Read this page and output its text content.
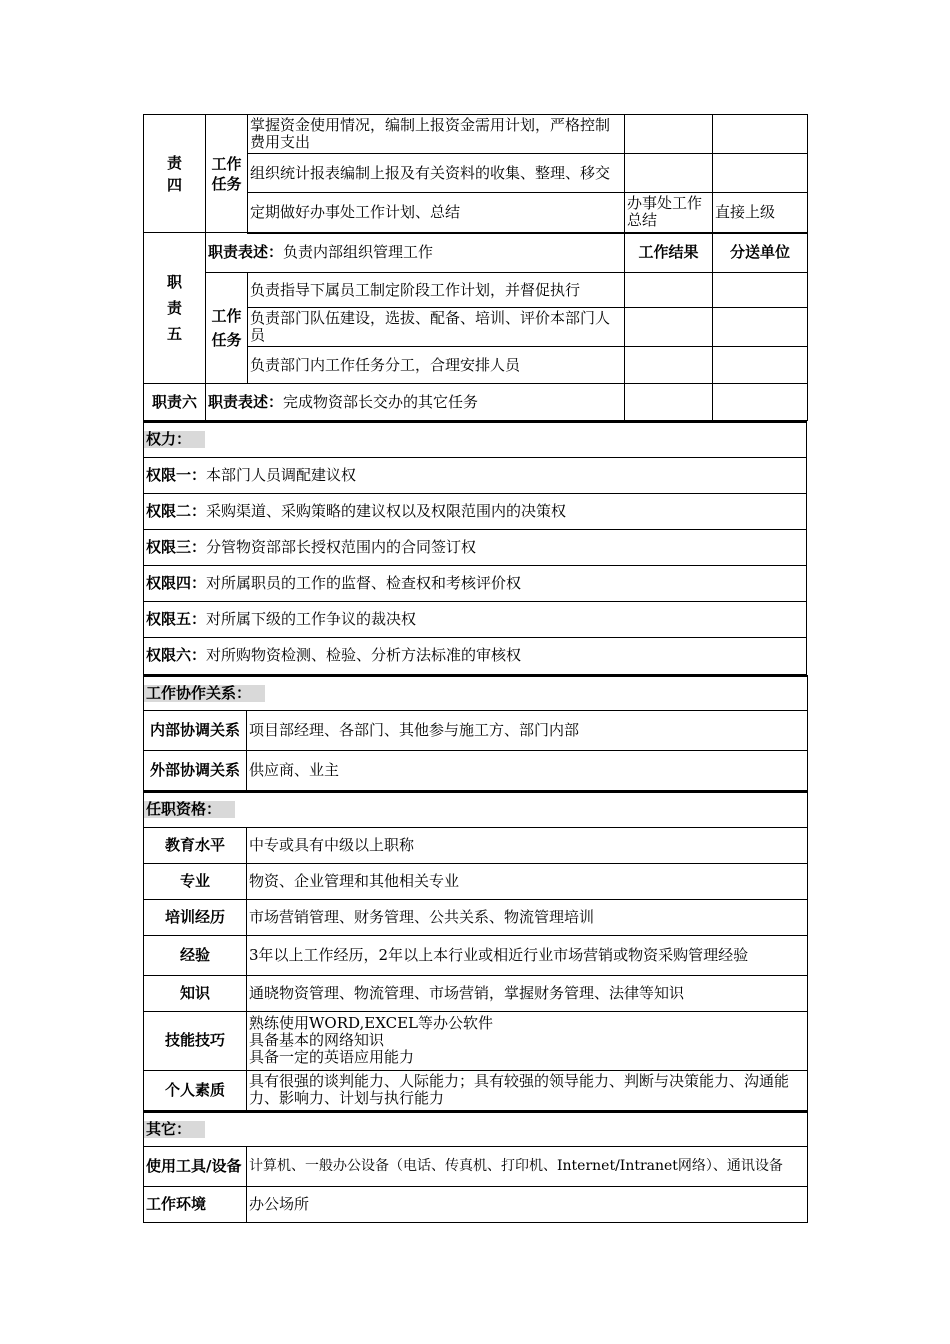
责四	工作任务	掌握资金使用情况，编制上报资金需用计划，严格控制费用支出		
		组织统计报表编制上报及有关资料的收集、整理、移交		
		定期做好办事处工作计划、总结	办事处工作总结	直接上级

职责五	职责表述：负责内部组织管理工作		工作结果	分送单位

	工作任务	负责指导下属员工制定阶段工作计划，并督促执行		
		负责部门队伍建设，选拔、配备、培训、评价本部门人员		
		负责部门内工作任务分工，合理安排人员		
职责六	职责表述：完成物资部长交办的其它任务			
权力：
权限一：本部门人员调配建议权
权限二：采购渠道、采购策略的建议权以及权限范围内的决策权
权限三：分管物资部部长授权范围内的合同签订权
权限四：对所属职员的工作的监督、检查权和考核评价权
权限五：对所属下级的工作争议的裁决权
权限六：对所购物资检测、检验、分析方法标准的审核权
工作协作关系：	
内部协调关系	项目部经理、各部门、其他参与施工方、部门内部
外部协调关系	供应商、业主
任职资格：	
教育水平	中专或具有中级以上职称
专业	物资、企业管理和其他相关专业
培训经历	市场营销管理、财务管理、公共关系、物流管理培训
经验	3年以上工作经历，2年以上本行业或相近行业市场营销或物资采购管理经验
知识	通晓物资管理、物流管理、市场营销，掌握财务管理、法律等知识
技能技巧	熟练使用WORD,EXCEL等办公软件
具备基本的网络知识
具备一定的英语应用能力

个人素质	具有很强的谈判能力、人际能力；具有较强的领导能力、判断与决策能力、沟通能力、影响力、计划与执行能力
其它：	
使用工具/设备	计算机、一般办公设备（电话、传真机、打印机、Internet/Intranet网络）、通讯设备
工作环境	办公场所
